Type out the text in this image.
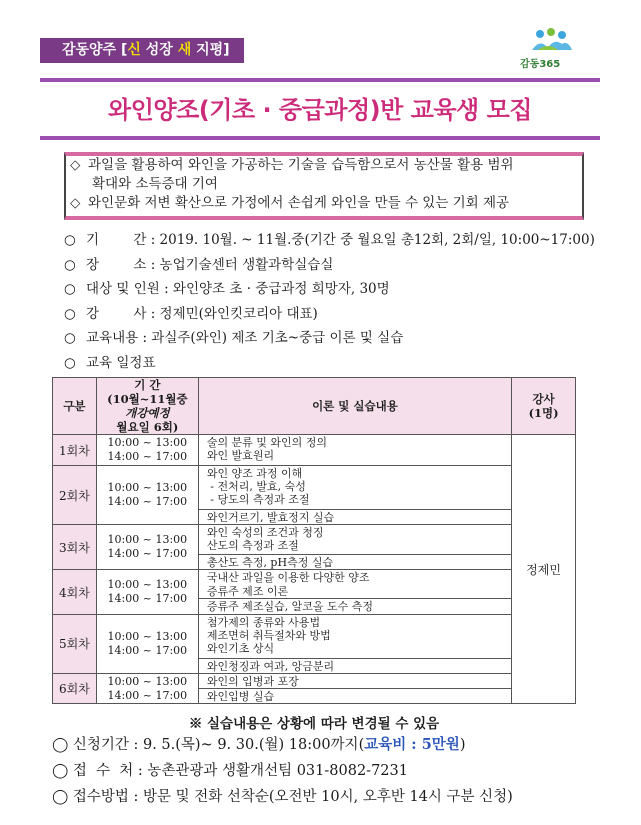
감동양주 [신 성장 새 지평]
감동365
와인양조(기초 · 중급과정)반 교육생 모집
◇ 과일을 활용하여 와인을 가공하는 기술을 습득함으로서 농산물 활용 범위
확대와 소득증대 기여
◇ 와인문화 저변 확산으로 가정에서 손쉽게 와인을 만들 수 있는 기회 제공
○ 기        간 : 2019. 10월. ~ 11월.중(기간 중 월요일 총12회, 2회/일, 10:00~17:00)
○ 장        소 : 농업기술센터 생활과학실습실
○ 대상 및 인원 : 와인양조 초 · 중급과정 희망자, 30명
○ 강        사 : 정제민(와인킷코리아 대표)
○ 교육내용 : 과실주(와인) 제조 기초~중급 이론 및 실습
○ 교육 일정표
구분	기 간
(10월~11월중
개강예정
월요일 6회)	이론 및 실습내용	강사
(1명)
1회차	10:00 ~ 13:00
14:00 ~ 17:00	술의 분류 및 와인의 정의
와인 발효원리	정제민
2회차	10:00 ~ 13:00
14:00 ~ 17:00	와인 양조 과정 이해
- 전처리, 발효, 숙성
- 당도의 측정과 조절	
		와인거르기, 발효정지 실습	
3회차	10:00 ~ 13:00
14:00 ~ 17:00	와인 숙성의 조건과 청징
산도의 측정과 조절	
		총산도 측정, pH측정 실습	
4회차	10:00 ~ 13:00
14:00 ~ 17:00	국내산 과일을 이용한 다양한 양조
증류주 제조 이론	
		증류주 제조실습, 알코올 도수 측정	
5회차	10:00 ~ 13:00
14:00 ~ 17:00	첨가제의 종류와 사용법
제조면허 취득절차와 방법
와인기초 상식	
		와인청징과 여과, 앙금분리	
6회차	10:00 ~ 13:00
14:00 ~ 17:00	와인의 입병과 포장	
		와인입병 실습	
※ 실습내용은 상황에 따라 변경될 수 있음
◯ 신청기간 : 9. 5.(목)~ 9. 30.(월) 18:00까지(교육비 : 5만원)
◯ 접  수  처 : 농촌관광과 생활개선팀 031-8082-7231
◯ 접수방법 : 방문 및 전화 선착순(오전반 10시, 오후반 14시 구분 신청)
